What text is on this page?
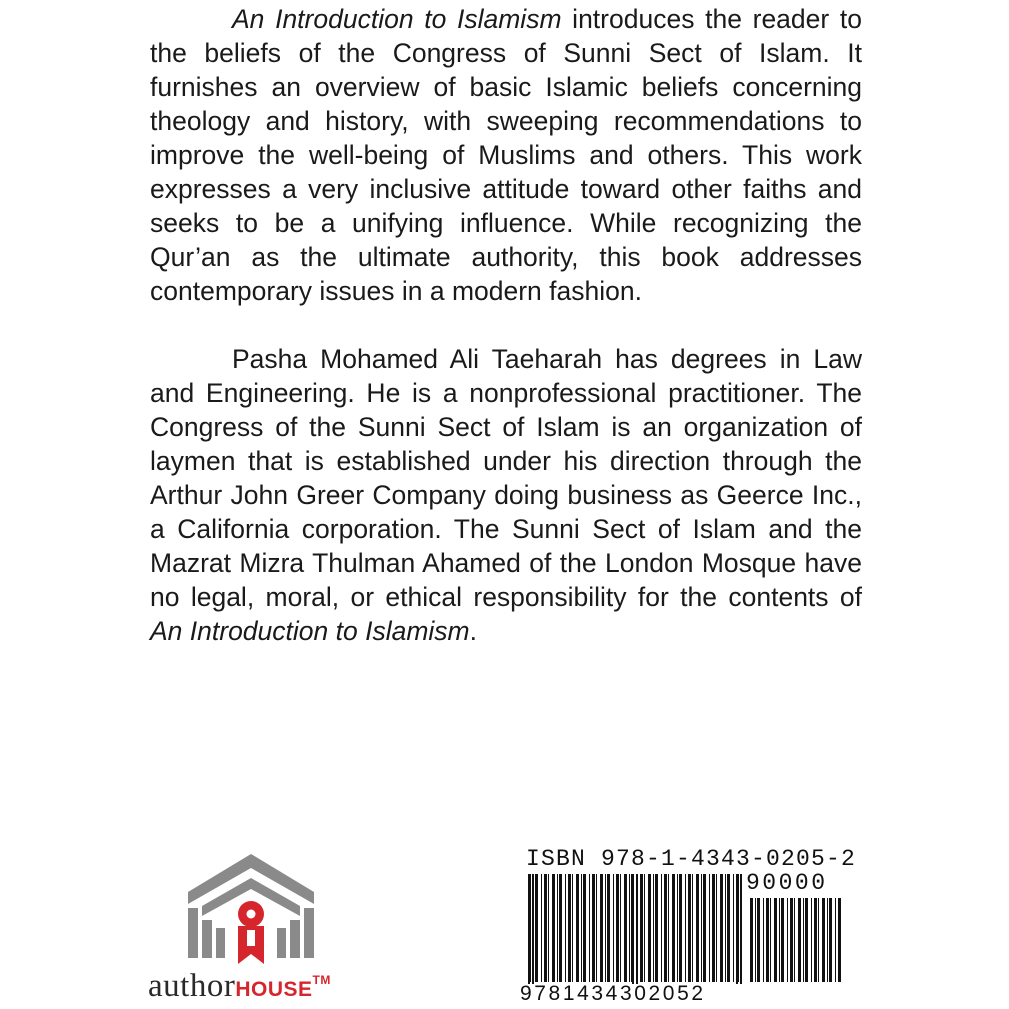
An Introduction to Islamism introduces the reader to the beliefs of the Congress of Sunni Sect of Islam. It furnishes an overview of basic Islamic beliefs concerning theology and history, with sweeping recommendations to improve the well-being of Muslims and others. This work expresses a very inclusive attitude toward other faiths and seeks to be a unifying influence. While recognizing the Qur’an as the ultimate authority, this book addresses contemporary issues in a modern fashion.

Pasha Mohamed Ali Taeharah has degrees in Law and Engineering. He is a nonprofessional practitioner. The Congress of the Sunni Sect of Islam is an organization of laymen that is established under his direction through the Arthur John Greer Company doing business as Geerce Inc., a California corporation. The Sunni Sect of Islam and the Mazrat Mizra Thulman Ahamed of the London Mosque have no legal, moral, or ethical responsibility for the contents of An Introduction to Islamism.

authorHOUSE™
ISBN 978-1-4343-0205-2
90000
9781434302052
